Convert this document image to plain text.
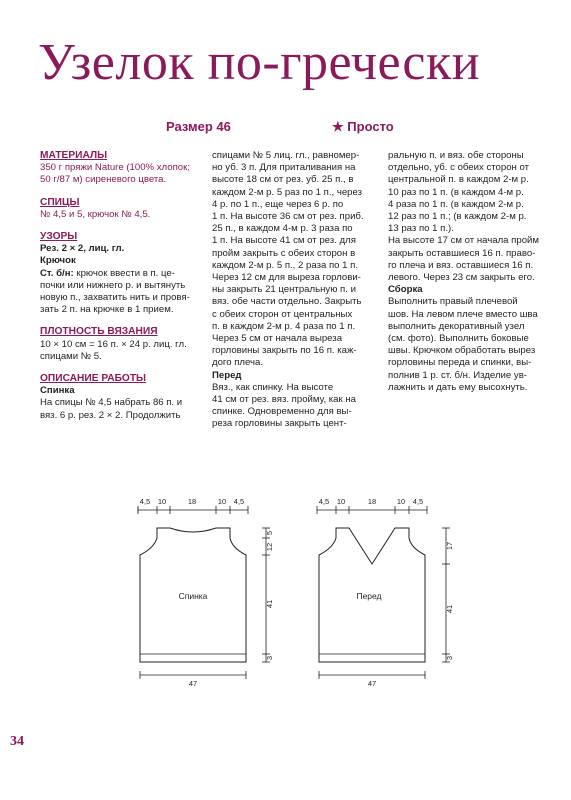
Узелок по-гречески
Размер 46	★ Просто

МАТЕРИАЛЫ

350 г пряжи Nature (100% хлопок;

50 г/87 м) сиреневого цвета.

СПИЦЫ

№ 4,5 и 5, крючок № 4,5.

УЗОРЫ

Рез. 2 × 2, лиц. гл.

Крючок

Ст. б/н: крючок ввести в п. це-

почки или нижнего р. и вытянуть

новую п., захватить нить и провя-

зать 2 п. на крючке в 1 прием.

ПЛОТНОСТЬ ВЯЗАНИЯ

10 × 10 см = 16 п. × 24 р. лиц. гл.

спицами № 5.

ОПИСАНИЕ РАБОТЫ

Спинка

На спицы № 4,5 набрать 86 п. и

вяз. 6 р. рез. 2 × 2. Продолжить

спицами № 5 лиц. гл., равномер-

но уб. 3 п. Для приталивания на

высоте 18 см от рез. уб. 25 п., в

каждом 2-м р. 5 раз по 1 п., через

4 р. по 1 п., еще через 6 р. по

1 п. На высоте 36 см от рез. приб.

25 п., в каждом 4-м р. 3 раза по

1 п. На высоте 41 см от рез. для

пройм закрыть с обеих сторон в

каждом 2-м р. 5 п., 2 раза по 1 п.

Через 12 см для выреза горлови-

ны закрыть 21 центральную п. и

вяз. обе части отдельно. Закрыть

с обеих сторон от центральных

п. в каждом 2-м р. 4 раза по 1 п.

Через 5 см от начала выреза

горловины закрыть по 16 п. каж-

дого плеча.

Перед

Вяз., как спинку. На высоте

41 см от рез. вяз. пройму, как на

спинке. Одновременно для вы-

реза горловины закрыть цент-

ральную п. и вяз. обе стороны

отдельно, уб. с обеих сторон от

центральной п. в каждом 2-м р.

10 раз по 1 п. (в каждом 4-м р.

4 раза по 1 п. (в каждом 2-м р.

12 раз по 1 п.; (в каждом 2-м р.

13 раз по 1 п.).

На высоте 17 см от начала пройм

закрыть оставшиеся 16 п. право-

го плеча и вяз. оставшиеся 16 п.

левого. Через 23 см закрыть его.

Сборка

Выполнить правый плечевой

шов. На левом плече вместо шва

выполнить декоративный узел

(см. фото). Выполнить боковые

швы. Крючком обработать вырез

горловины переда и спинки, вы-

полнив 1 р. ст. б/н. Изделие ув-

лажнить и дать ему высохнуть.

4,5 10	18	10 4,5	4,5 10	18	10 4,5
5
12
41
3
17
41
3
47	47
Спинка	Перед
34
